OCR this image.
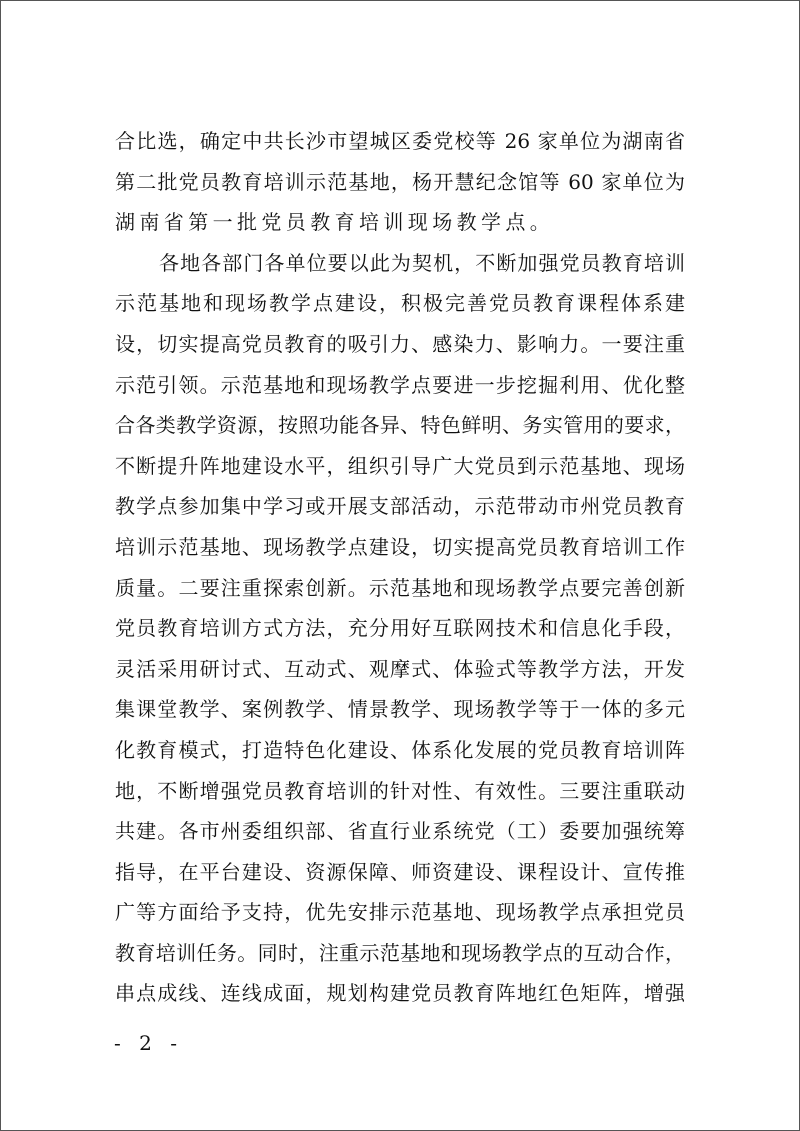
合比选，确定中共长沙市望城区委党校等 26 家单位为湖南省
第二批党员教育培训示范基地，杨开慧纪念馆等 60 家单位为
湖南省第一批党员教育培训现场教学点。
各地各部门各单位要以此为契机，不断加强党员教育培训
示范基地和现场教学点建设，积极完善党员教育课程体系建
设，切实提高党员教育的吸引力、感染力、影响力。一要注重
示范引领。示范基地和现场教学点要进一步挖掘利用、优化整
合各类教学资源，按照功能各异、特色鲜明、务实管用的要求，
不断提升阵地建设水平，组织引导广大党员到示范基地、现场
教学点参加集中学习或开展支部活动，示范带动市州党员教育
培训示范基地、现场教学点建设，切实提高党员教育培训工作
质量。二要注重探索创新。示范基地和现场教学点要完善创新
党员教育培训方式方法，充分用好互联网技术和信息化手段，
灵活采用研讨式、互动式、观摩式、体验式等教学方法，开发
集课堂教学、案例教学、情景教学、现场教学等于一体的多元
化教育模式，打造特色化建设、体系化发展的党员教育培训阵
地，不断增强党员教育培训的针对性、有效性。三要注重联动
共建。各市州委组织部、省直行业系统党（工）委要加强统筹
指导，在平台建设、资源保障、师资建设、课程设计、宣传推
广等方面给予支持，优先安排示范基地、现场教学点承担党员
教育培训任务。同时，注重示范基地和现场教学点的互动合作，
串点成线、连线成面，规划构建党员教育阵地红色矩阵，增强
- 2 -
